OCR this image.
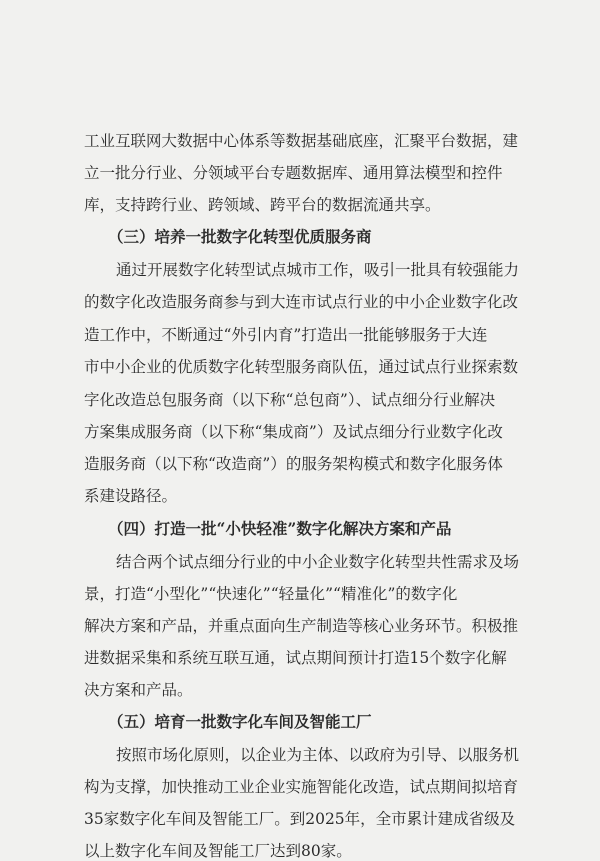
工业互联网大数据中心体系等数据基础底座，汇聚平台数据，建
立一批分行业、分领域平台专题数据库、通用算法模型和控件
库，支持跨行业、跨领域、跨平台的数据流通共享。
（三）培养一批数字化转型优质服务商
通过开展数字化转型试点城市工作，吸引一批具有较强能力
的数字化改造服务商参与到大连市试点行业的中小企业数字化改
造工作中，不断通过“外引内育”打造出一批能够服务于大连
市中小企业的优质数字化转型服务商队伍，通过试点行业探索数
字化改造总包服务商（以下称“总包商”）、试点细分行业解决
方案集成服务商（以下称“集成商”）及试点细分行业数字化改
造服务商（以下称“改造商”）的服务架构模式和数字化服务体
系建设路径。
（四）打造一批“小快轻准”数字化解决方案和产品
结合两个试点细分行业的中小企业数字化转型共性需求及场
景，打造“小型化”“快速化”“轻量化”“精准化”的数字化
解决方案和产品，并重点面向生产制造等核心业务环节。积极推
进数据采集和系统互联互通，试点期间预计打造15个数字化解
决方案和产品。
（五）培育一批数字化车间及智能工厂
按照市场化原则，以企业为主体、以政府为引导、以服务机
构为支撑，加快推动工业企业实施智能化改造，试点期间拟培育
35家数字化车间及智能工厂。到2025年，全市累计建成省级及
以上数字化车间及智能工厂达到80家。
